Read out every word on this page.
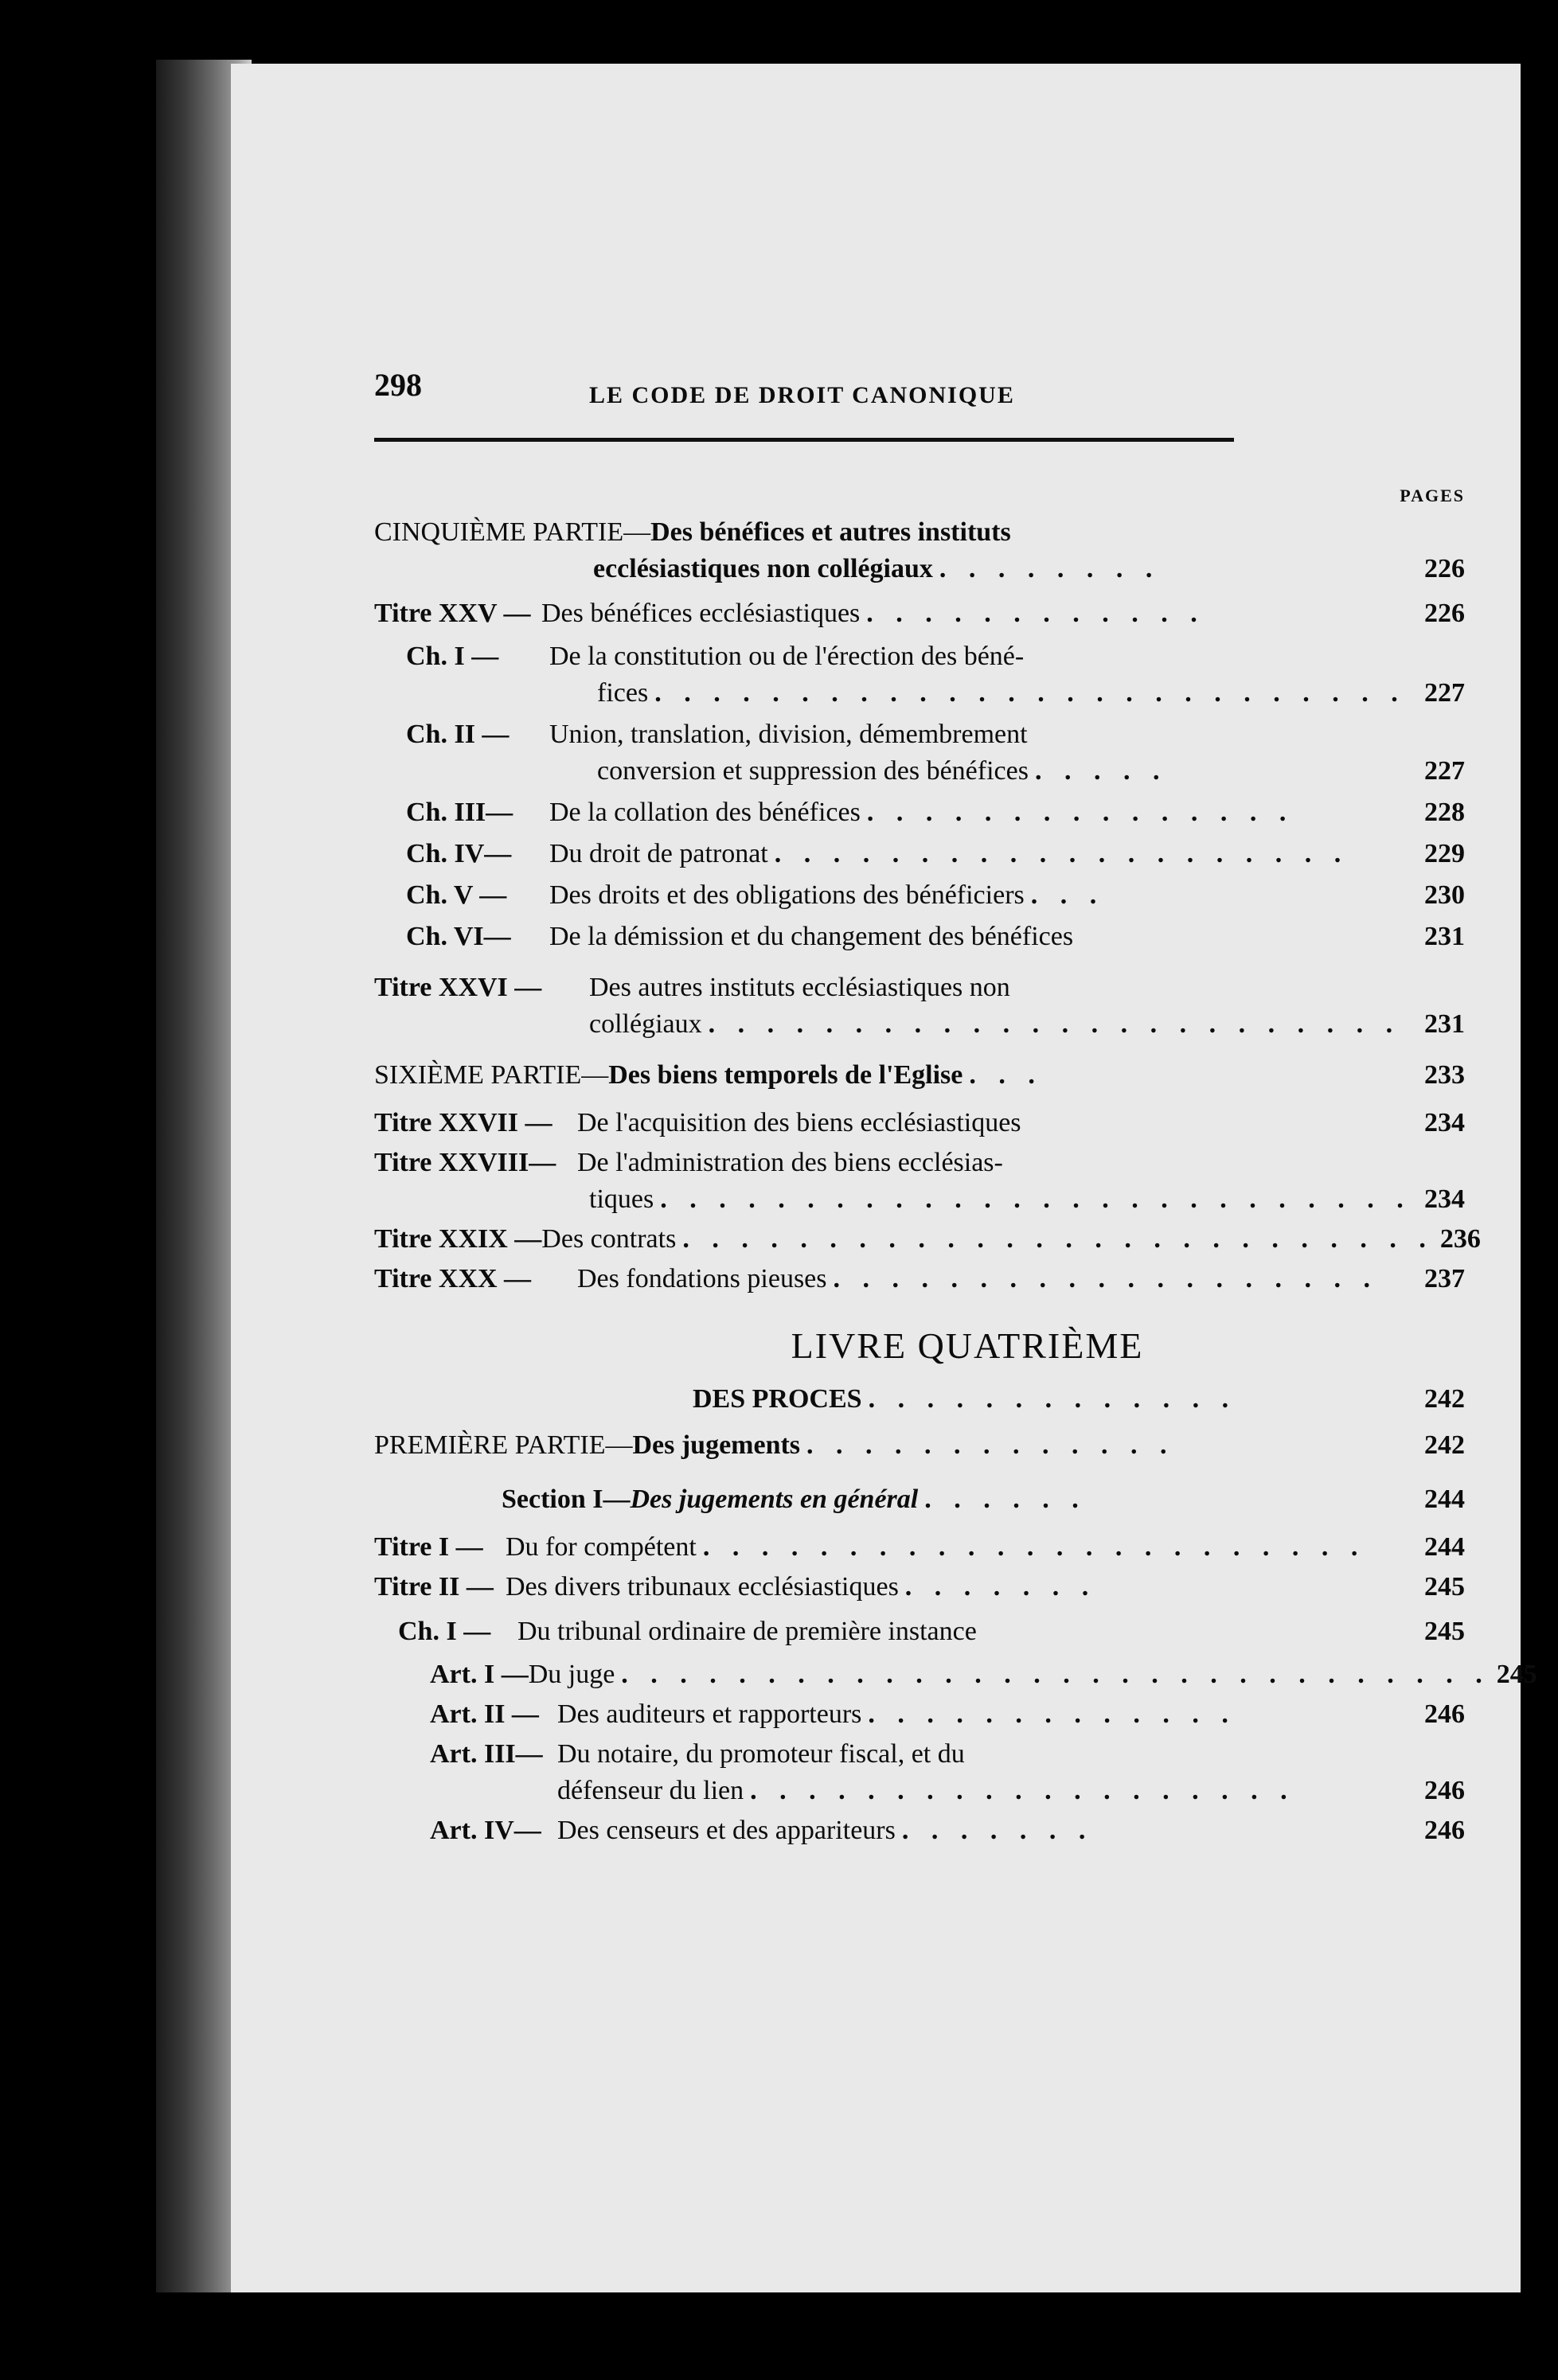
298	LE CODE DE DROIT CANONIQUE
PAGES
CINQUIÈME PARTIE— Des bénéfices et autres instituts
ecclésiastiques non collégiaux . . . . . . . .	226
Titre XXV — Des bénéfices ecclésiastiques . . . . . . . . . . . .	226
Ch. I —	De la constitution ou de l'érection des béné-
fices . . . . . . . . . . . . . . . . . . . . . . . . . . 227
Ch. II —	Union, translation, division, démembrement
conversion et suppression des bénéfices . . . . .	227
Ch. III—	De la collation des bénéfices . . . . . . . . . . . . . . .	228
Ch. IV—	Du droit de patronat . . . . . . . . . . . . . . . . . . . .	229
Ch. V —	Des droits et des obligations des bénéficiers . . .	230
Ch. VI—	De la démission et du changement des bénéfices	231
Titre XXVI —	Des autres instituts ecclésiastiques non
collégiaux . . . . . . . . . . . . . . . . . . . . . . . . 231
SIXIÈME PARTIE— Des biens temporels de l'Eglise . . .	233
Titre XXVII — De l'acquisition des biens ecclésiastiques	234
Titre XXVIII— De l'administration des biens ecclésias-
tiques . . . . . . . . . . . . . . . . . . . . . . . . . . 234
Titre XXIX — Des contrats . . . . . . . . . . . . . . . . . . . . . . . . . . 236
Titre XXX —	Des fondations pieuses . . . . . . . . . . . . . . . . . . .	237
LIVRE QUATRIÈME
DES PROCES . . . . . . . . . . . . .	242
PREMIÈRE PARTIE— Des jugements . . . . . . . . . . . . .	242
Section I— Des jugements en général . . . . . .	244
Titre I — Du for compétent . . . . . . . . . . . . . . . . . . . . . . .	244
Titre II — Des divers tribunaux ecclésiastiques . . . . . . .	245
Ch. I — Du tribunal ordinaire de première instance	245
Art. I — Du juge . . . . . . . . . . . . . . . . . . . . . . . . . . . . . . 245
Art. II — Des auditeurs et rapporteurs . . . . . . . . . . . . .	246
Art. III— Du notaire, du promoteur fiscal, et du
défenseur du lien . . . . . . . . . . . . . . . . . . .	246
Art. IV— Des censeurs et des appariteurs . . . . . . .	246
